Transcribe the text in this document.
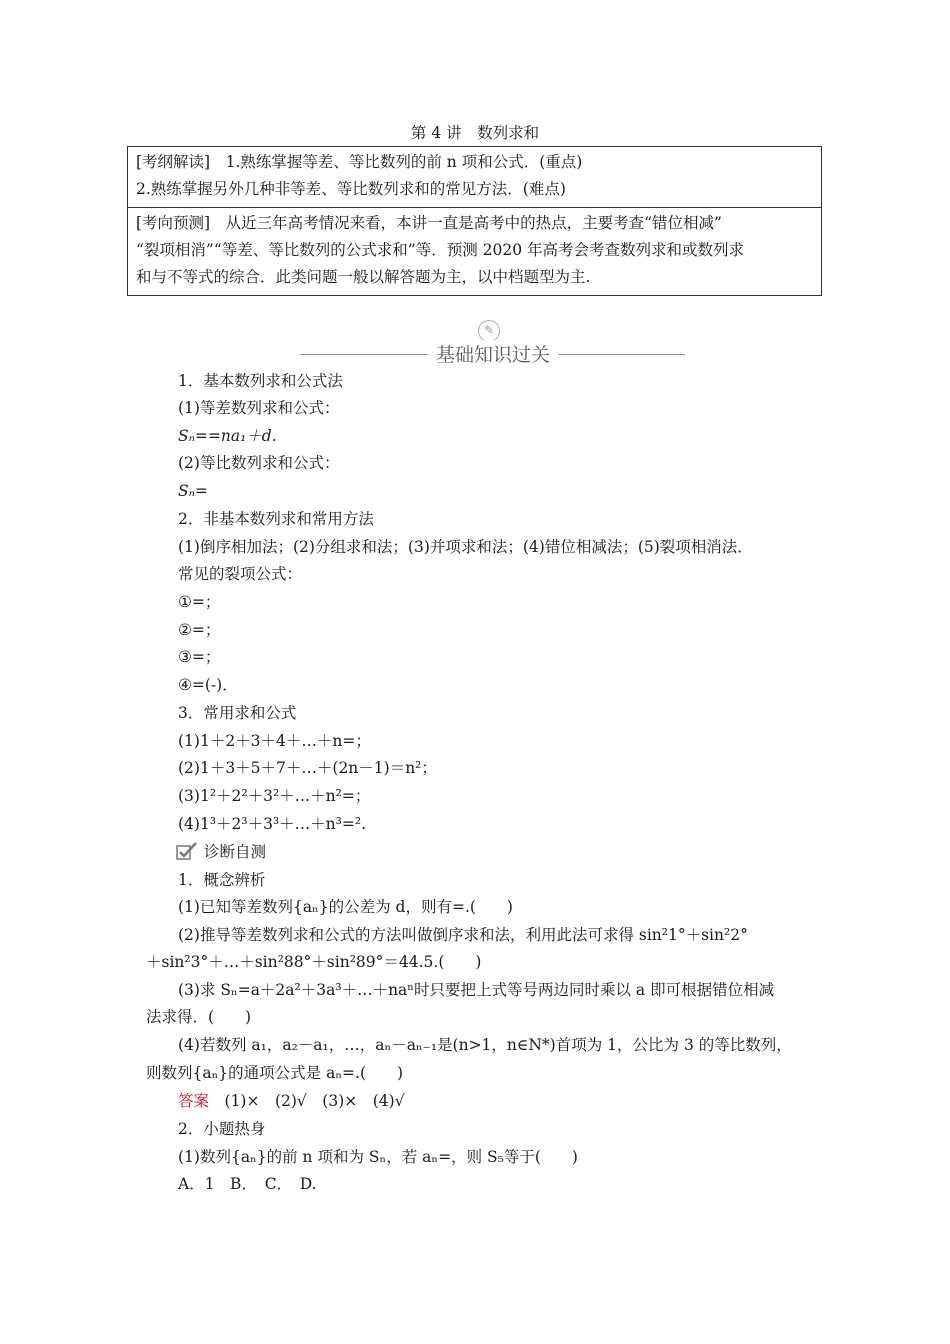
第 4 讲　数列求和
[考纲解读]　1.熟练掌握等差、等比数列的前 n 项和公式．(重点)
2.熟练掌握另外几种非等差、等比数列求和的常见方法．(难点)
[考向预测]　从近三年高考情况来看，本讲一直是高考中的热点，主要考查“错位相减”
“裂项相消”“等差、等比数列的公式求和”等．预测 2020 年高考会考查数列求和或数列求
和与不等式的综合．此类问题一般以解答题为主，以中档题型为主.
✎
基础知识过关
1．基本数列求和公式法
(1)等差数列求和公式：
Sₙ==na₁＋d.
(2)等比数列求和公式：
Sₙ=
2．非基本数列求和常用方法
(1)倒序相加法；(2)分组求和法；(3)并项求和法；(4)错位相减法；(5)裂项相消法．
常见的裂项公式：
①=；
②=；
③=；
④=(-)．
3．常用求和公式
(1)1＋2＋3＋4＋…＋n=；
(2)1＋3＋5＋7＋…＋(2n－1)＝n²；
(3)1²＋2²＋3²＋…＋n²=；
(4)1³＋2³＋3³＋…＋n³=².
诊断自测
1．概念辨析
(1)已知等差数列{aₙ}的公差为 d，则有=.(　　)
(2)推导等差数列求和公式的方法叫做倒序求和法，利用此法可求得 sin²1°＋sin²2°
＋sin²3°＋…＋sin²88°＋sin²89°＝44.5.(　　)
(3)求 Sₙ=a＋2a²＋3a³＋…＋naⁿ时只要把上式等号两边同时乘以 a 即可根据错位相减
法求得．(　　)
(4)若数列 a₁，a₂－a₁，…，aₙ－aₙ₋₁是(n>1，n∈N*)首项为 1，公比为 3 的等比数列，
则数列{aₙ}的通项公式是 aₙ=.(　　)
答案　(1)×　(2)√　(3)×　(4)√
2．小题热身
(1)数列{aₙ}的前 n 项和为 Sₙ，若 aₙ=，则 S₅等于(　　)
A．1　B．　C．　D.
